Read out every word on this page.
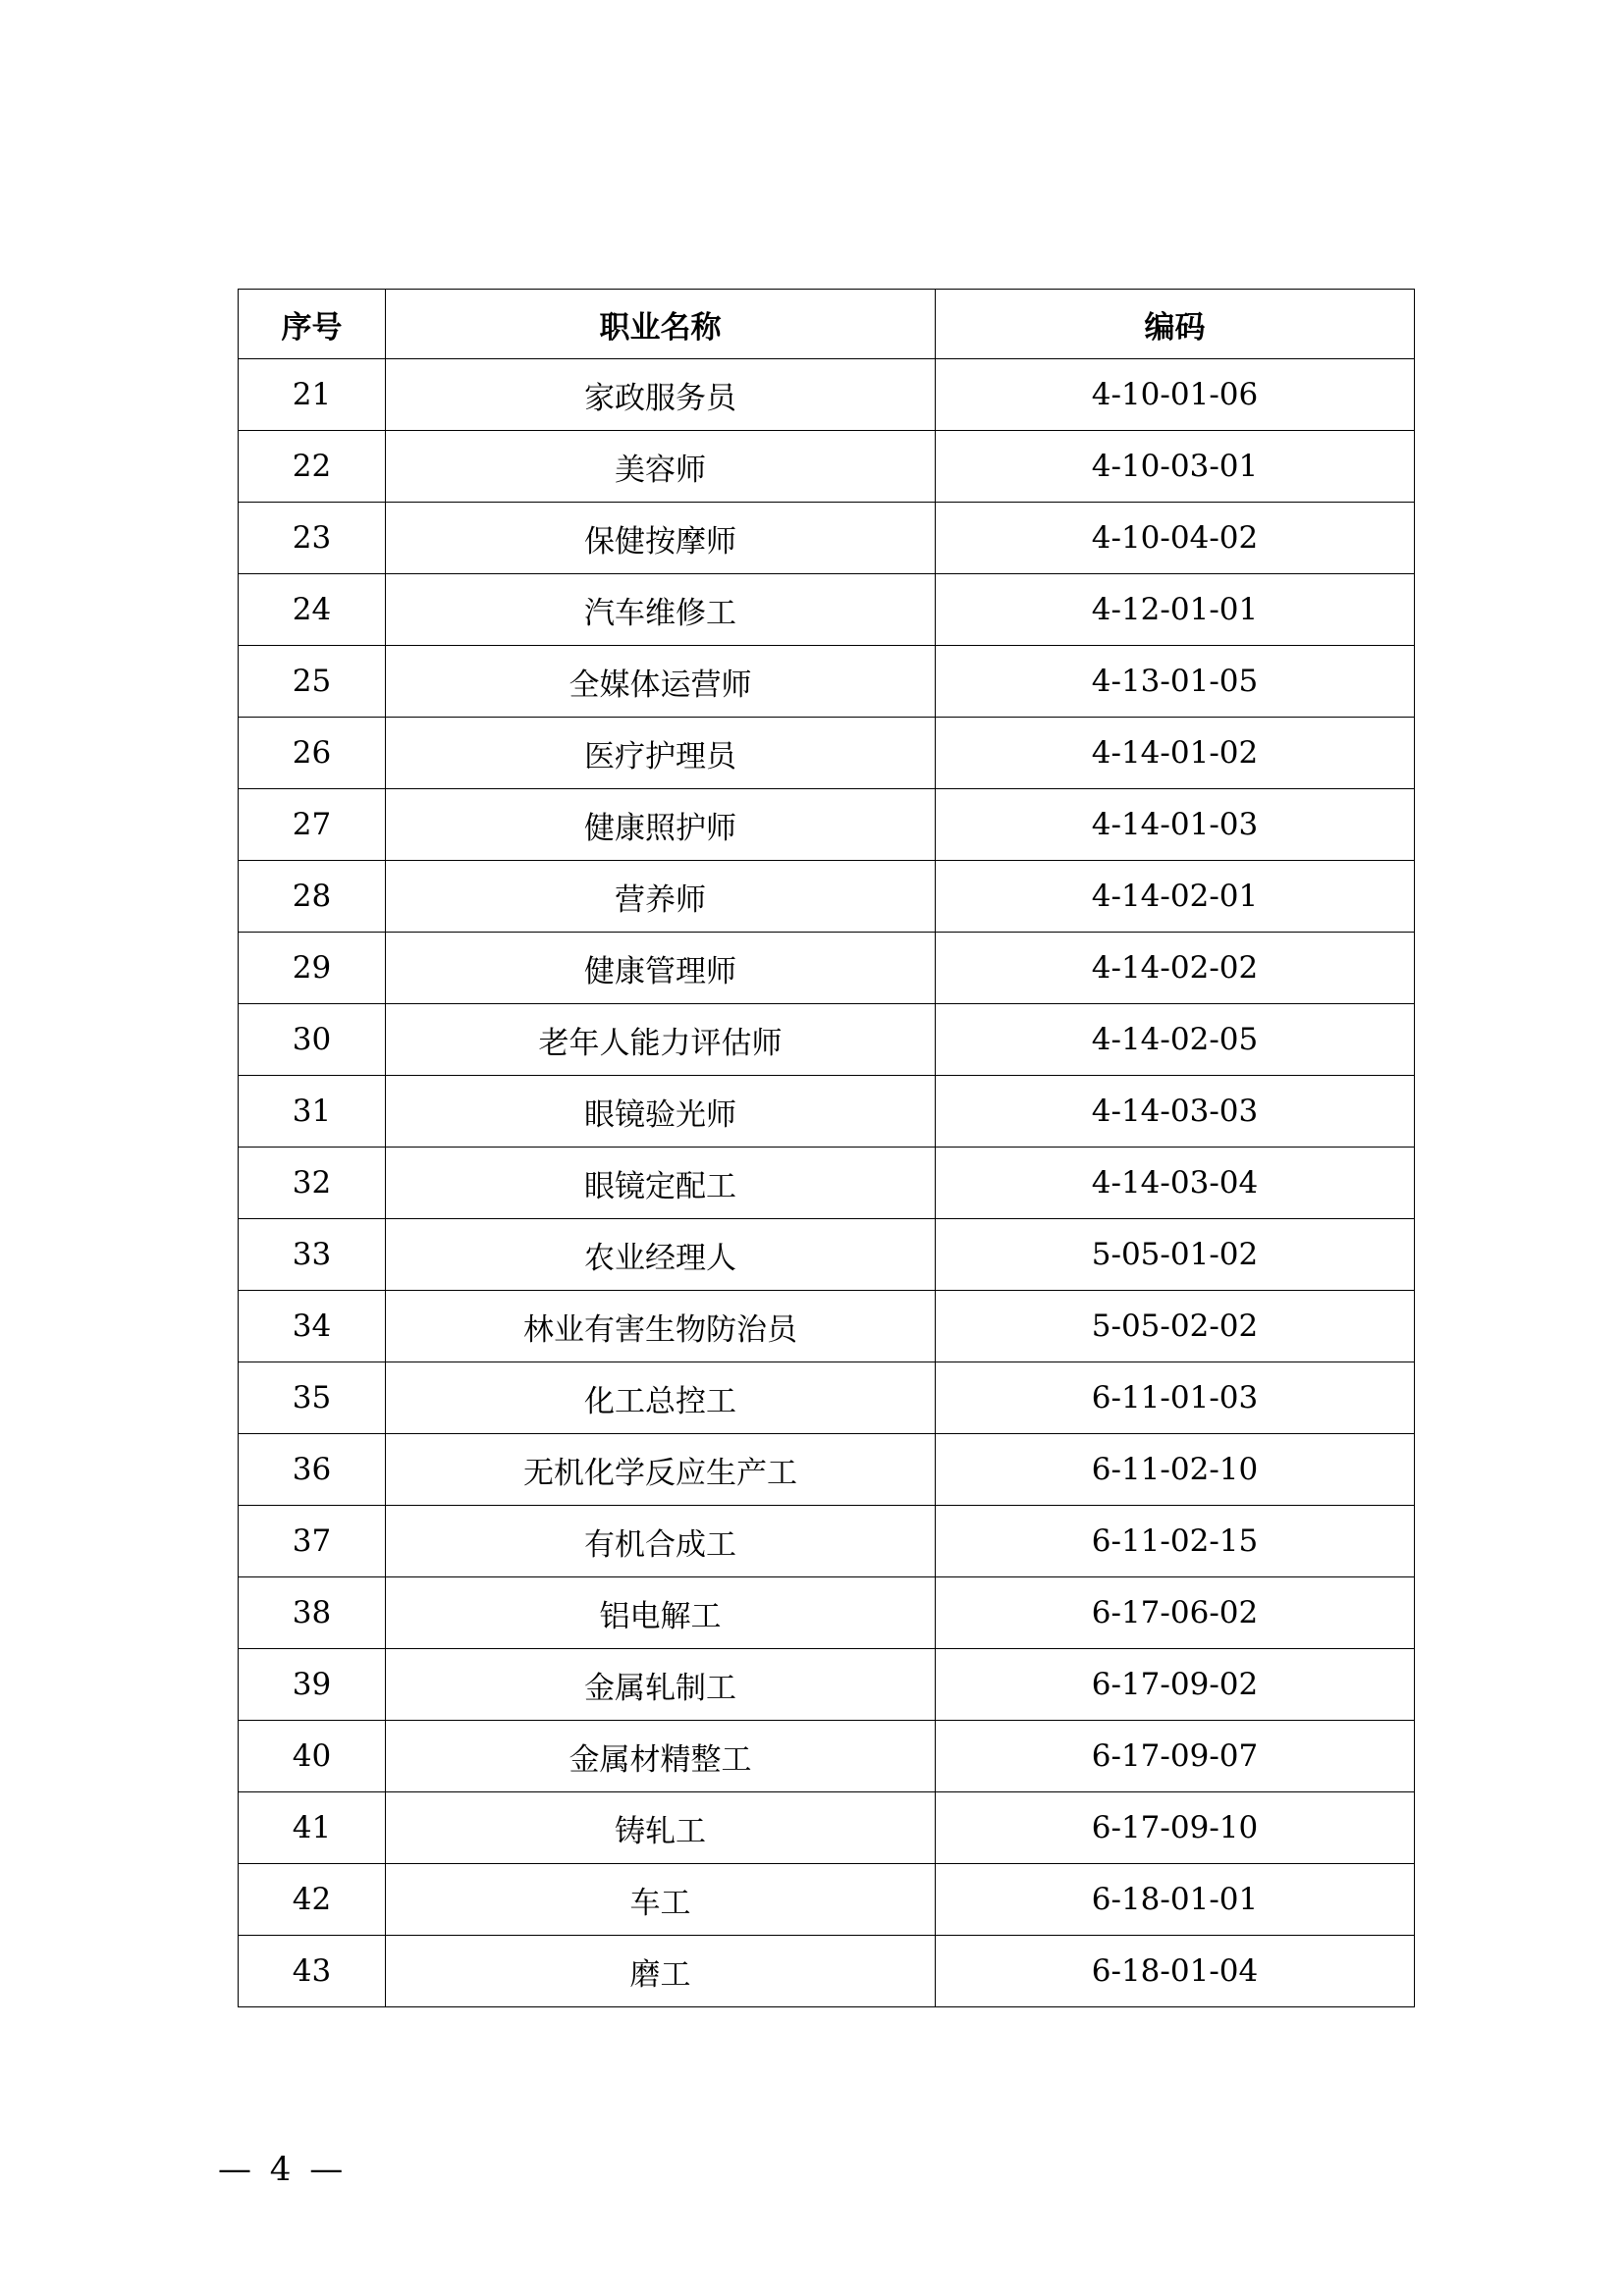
序号	职业名称	编码
21	家政服务员	4-10-01-06
22	美容师	4-10-03-01
23	保健按摩师	4-10-04-02
24	汽车维修工	4-12-01-01
25	全媒体运营师	4-13-01-05
26	医疗护理员	4-14-01-02
27	健康照护师	4-14-01-03
28	营养师	4-14-02-01
29	健康管理师	4-14-02-02
30	老年人能力评估师	4-14-02-05
31	眼镜验光师	4-14-03-03
32	眼镜定配工	4-14-03-04
33	农业经理人	5-05-01-02
34	林业有害生物防治员	5-05-02-02
35	化工总控工	6-11-01-03
36	无机化学反应生产工	6-11-02-10
37	有机合成工	6-11-02-15
38	铝电解工	6-17-06-02
39	金属轧制工	6-17-09-02
40	金属材精整工	6-17-09-07
41	铸轧工	6-17-09-10
42	车工	6-18-01-01
43	磨工	6-18-01-04
— 4 —
